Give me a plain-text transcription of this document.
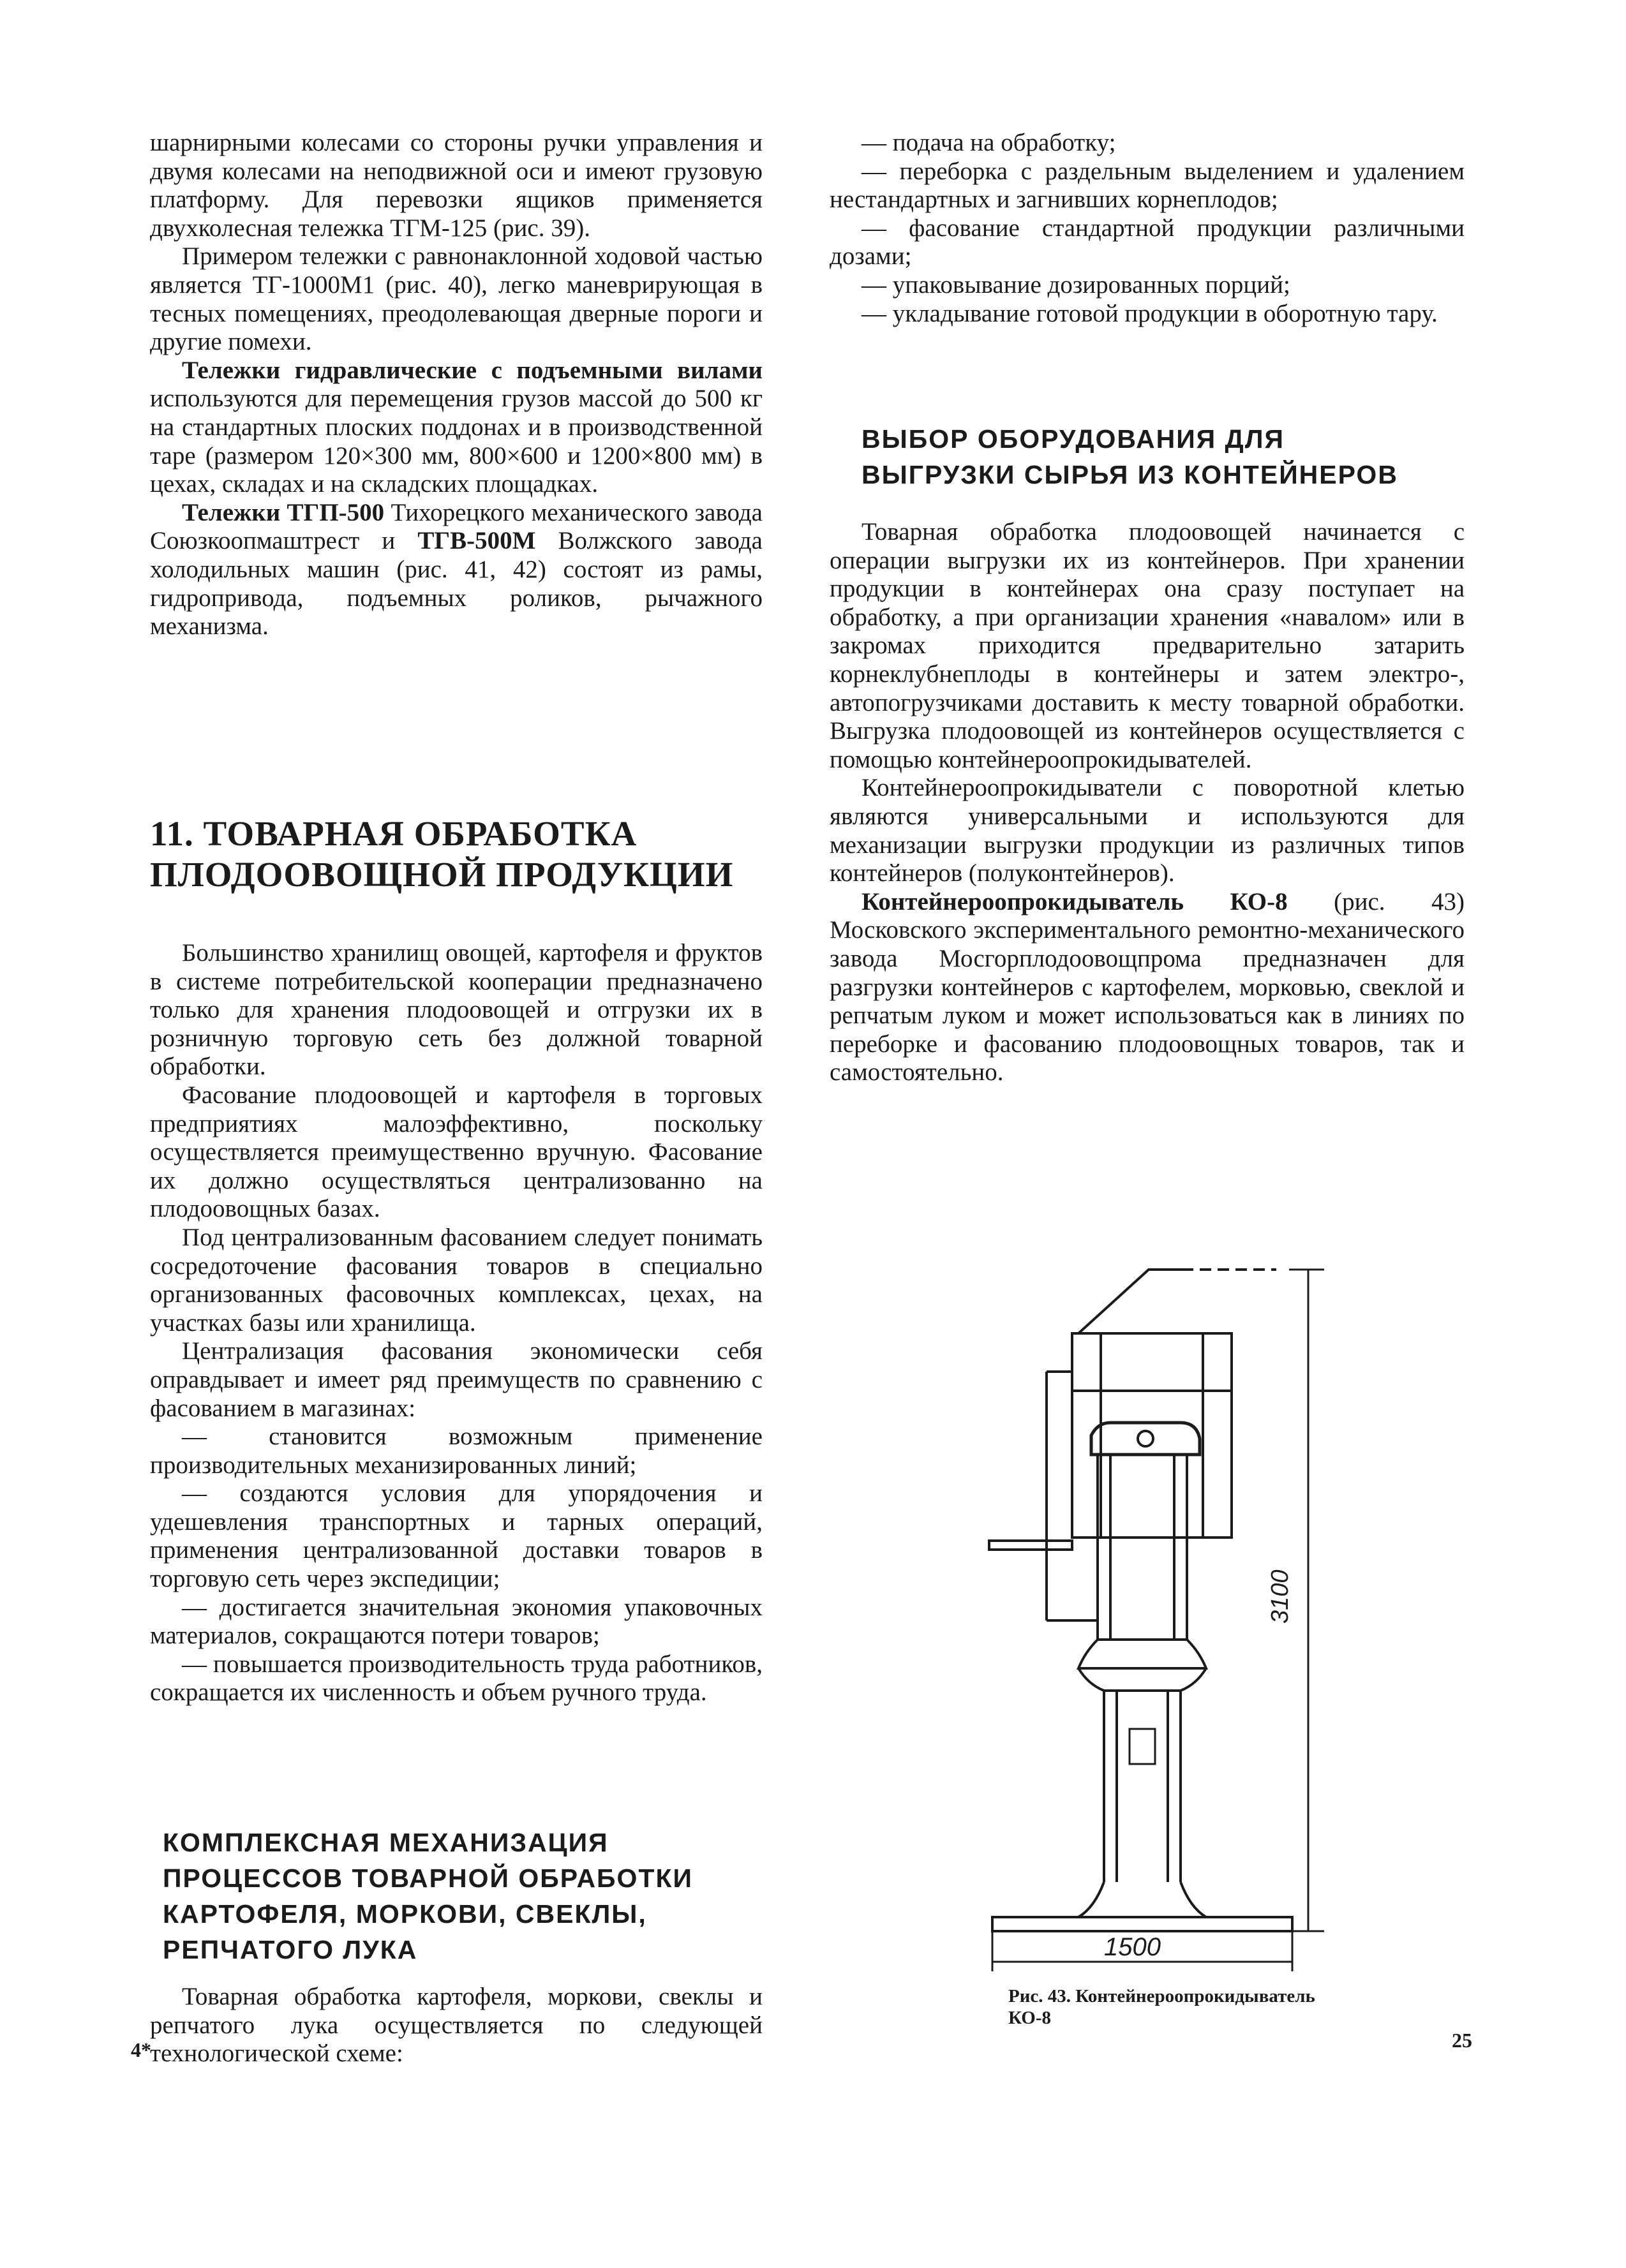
шарнирными колесами со стороны ручки управления и двумя колесами на неподвижной оси и имеют грузовую платформу. Для перевозки ящиков применяется двухколесная тележка ТГМ-125 (рис. 39).

Примером тележки с равнонаклонной ходовой частью является ТГ-1000М1 (рис. 40), легко маневрирующая в тесных помещениях, преодолевающая дверные пороги и другие помехи.

Тележки гидравлические с подъемными вилами используются для перемещения грузов массой до 500 кг на стандартных плоских поддонах и в производственной таре (размером 120×300 мм, 800×600 и 1200×800 мм) в цехах, складах и на складских площадках.

Тележки ТГП-500 Тихорецкого механического завода Союзкоопмаштрест и ТГВ-500М Волжского завода холодильных машин (рис. 41, 42) состоят из рамы, гидропривода, подъемных роликов, рычажного механизма.

11. ТОВАРНАЯ ОБРАБОТКА
ПЛОДООВОЩНОЙ ПРОДУКЦИИ

Большинство хранилищ овощей, картофеля и фруктов в системе потребительской кооперации предназначено только для хранения плодоовощей и отгрузки их в розничную торговую сеть без должной товарной обработки.

Фасование плодоовощей и картофеля в торговых предприятиях малоэффективно, поскольку осуществляется преимущественно вручную. Фасование их должно осуществляться централизованно на плодоовощных базах.

Под централизованным фасованием следует понимать сосредоточение фасования товаров в специально организованных фасовочных комплексах, цехах, на участках базы или хранилища.

Централизация фасования экономически себя оправдывает и имеет ряд преимуществ по сравнению с фасованием в магазинах:

— становится возможным применение производительных механизированных линий;

— создаются условия для упорядочения и удешевления транспортных и тарных операций, применения централизованной доставки товаров в торговую сеть через экспедиции;

— достигается значительная экономия упаковочных материалов, сокращаются потери товаров;

— повышается производительность труда работников, сокращается их численность и объем ручного труда.

КОМПЛЕКСНАЯ МЕХАНИЗАЦИЯ
ПРОЦЕССОВ ТОВАРНОЙ ОБРАБОТКИ
КАРТОФЕЛЯ, МОРКОВИ, СВЕКЛЫ,
РЕПЧАТОГО ЛУКА

Товарная обработка картофеля, моркови, свеклы и репчатого лука осуществляется по следующей технологической схеме:

— подача на обработку;

— переборка с раздельным выделением и удалением нестандартных и загнивших корнеплодов;

— фасование стандартной продукции различными дозами;

— упаковывание дозированных порций;

— укладывание готовой продукции в оборотную тару.

ВЫБОР ОБОРУДОВАНИЯ ДЛЯ
ВЫГРУЗКИ СЫРЬЯ ИЗ КОНТЕЙНЕРОВ

Товарная обработка плодоовощей начинается с операции выгрузки их из контейнеров. При хранении продукции в контейнерах она сразу поступает на обработку, а при организации хранения «навалом» или в закромах приходится предварительно затарить корнеклубнеплоды в контейнеры и затем электро-, автопогрузчиками доставить к месту товарной обработки. Выгрузка плодоовощей из контейнеров осуществляется с помощью контейнероопрокидывателей.

Контейнероопрокидыватели с поворотной клетью являются универсальными и используются для механизации выгрузки продукции из различных типов контейнеров (полуконтейнеров).

Контейнероопрокидыватель КО-8 (рис. 43) Московского экспериментального ремонтно-механического завода Мосгорплодоовощпрома предназначен для разгрузки контейнеров с картофелем, морковью, свеклой и репчатым луком и может использоваться как в линиях по переборке и фасованию плодоовощных товаров, так и самостоятельно.

3100
1500
Рис. 43. Контейнероопрокидыватель КО-8
4*	25
